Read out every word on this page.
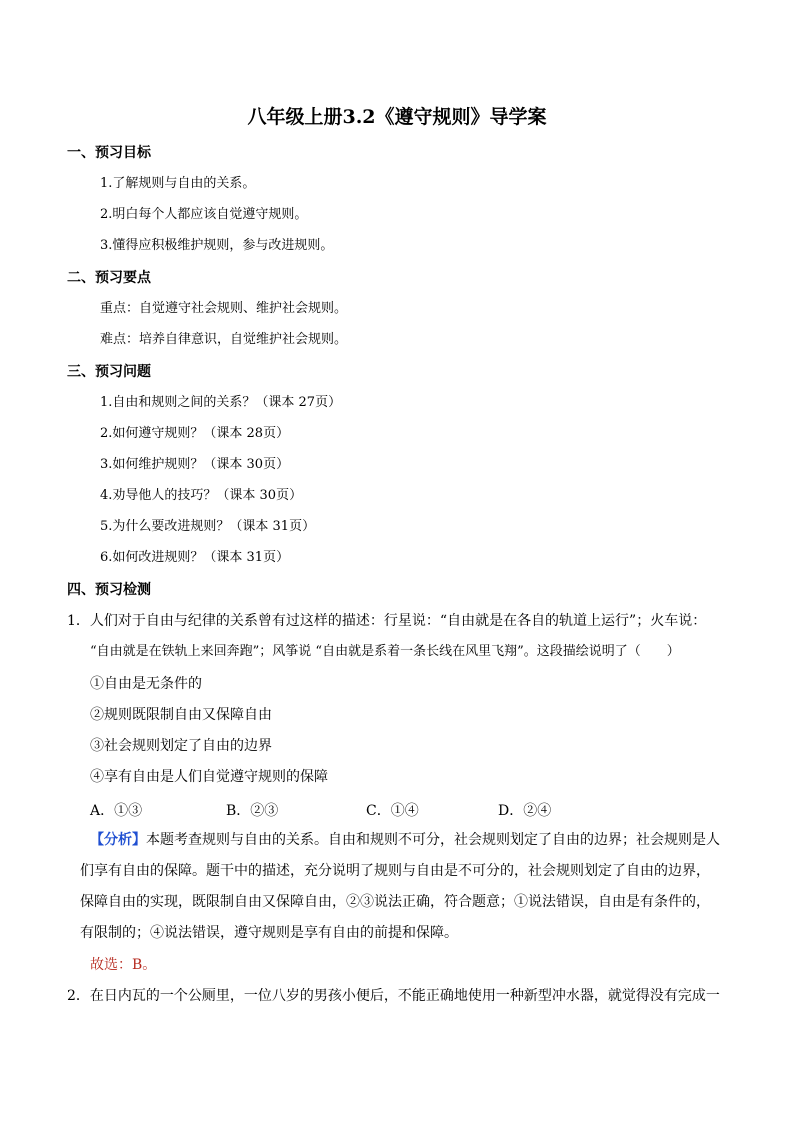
八年级上册3.2《遵守规则》导学案
一、预习目标
1.了解规则与自由的关系。
2.明白每个人都应该自觉遵守规则。
3.懂得应积极维护规则，参与改进规则。
二、预习要点
重点：自觉遵守社会规则、维护社会规则。
难点：培养自律意识，自觉维护社会规则。
三、预习问题
1.自由和规则之间的关系？（课本 27页）
2.如何遵守规则？（课本 28页）
3.如何维护规则？（课本 30页）
4.劝导他人的技巧？（课本 30页）
5.为什么要改进规则？（课本 31页）
6.如何改进规则？（课本 31页）
四、预习检测
1．人们对于自由与纪律的关系曾有过这样的描述：行星说：“自由就是在各自的轨道上运行”；火车说：
“自由就是在铁轨上来回奔跑”；风筝说 “自由就是系着一条长线在风里飞翔”。这段描绘说明了（　　）
①自由是无条件的
②规则既限制自由又保障自由
③社会规则划定了自由的边界
④享有自由是人们自觉遵守规则的保障
A．①③	B．②③	C．①④	D．②④
【分析】本题考查规则与自由的关系。自由和规则不可分，社会规则划定了自由的边界；社会规则是人
们享有自由的保障。题干中的描述，充分说明了规则与自由是不可分的，社会规则划定了自由的边界，
保障自由的实现，既限制自由又保障自由，②③说法正确，符合题意；①说法错误，自由是有条件的，
有限制的；④说法错误，遵守规则是享有自由的前提和保障。
故选：B。
2．在日内瓦的一个公厕里，一位八岁的男孩小便后，不能正确地使用一种新型冲水器，就觉得没有完成一
